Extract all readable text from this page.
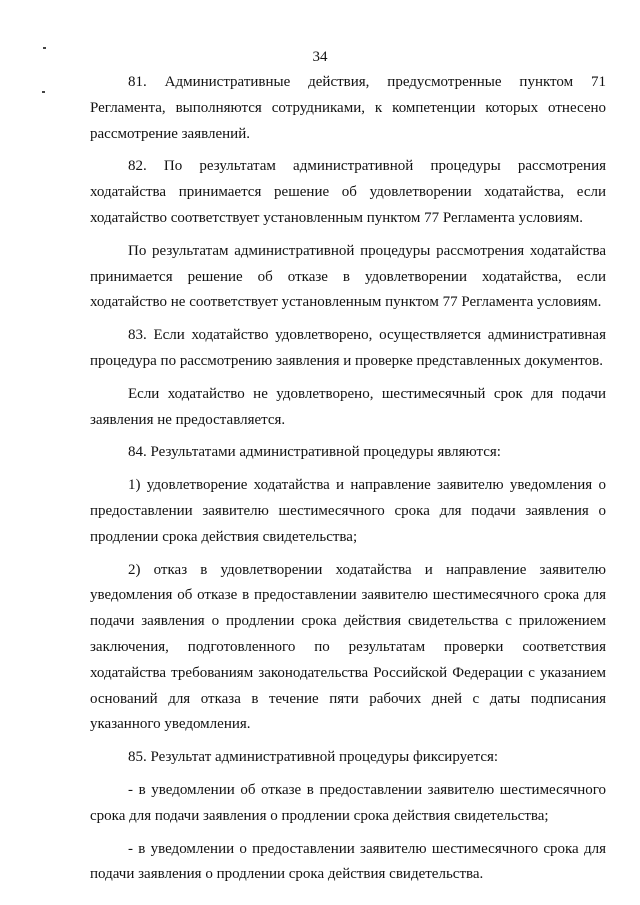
34

81. Административные действия, предусмотренные пунктом 71 Регламента, выполняются сотрудниками, к компетенции которых отнесено рассмотрение заявлений.

82. По результатам административной процедуры рассмотрения ходатайства принимается решение об удовлетворении ходатайства, если ходатайство соответствует установленным пунктом 77 Регламента условиям.

По результатам административной процедуры рассмотрения ходатайства принимается решение об отказе в удовлетворении ходатайства, если ходатайство не соответствует установленным пунктом 77 Регламента условиям.

83. Если ходатайство удовлетворено, осуществляется административная процедура по рассмотрению заявления и проверке представленных документов.

Если ходатайство не удовлетворено, шестимесячный срок для подачи заявления не предоставляется.

84. Результатами административной процедуры являются:

1) удовлетворение ходатайства и направление заявителю уведомления о предоставлении заявителю шестимесячного срока для подачи заявления о продлении срока действия свидетельства;

2) отказ в удовлетворении ходатайства и направление заявителю уведомления об отказе в предоставлении заявителю шестимесячного срока для подачи заявления о продлении срока действия свидетельства с приложением заключения, подготовленного по результатам проверки соответствия ходатайства требованиям законодательства Российской Федерации с указанием оснований для отказа в течение пяти рабочих дней с даты подписания указанного уведомления.

85. Результат административной процедуры фиксируется:

- в уведомлении об отказе в предоставлении заявителю шестимесячного срока для подачи заявления о продлении срока действия свидетельства;

- в уведомлении о предоставлении заявителю шестимесячного срока для подачи заявления о продлении срока действия свидетельства.
